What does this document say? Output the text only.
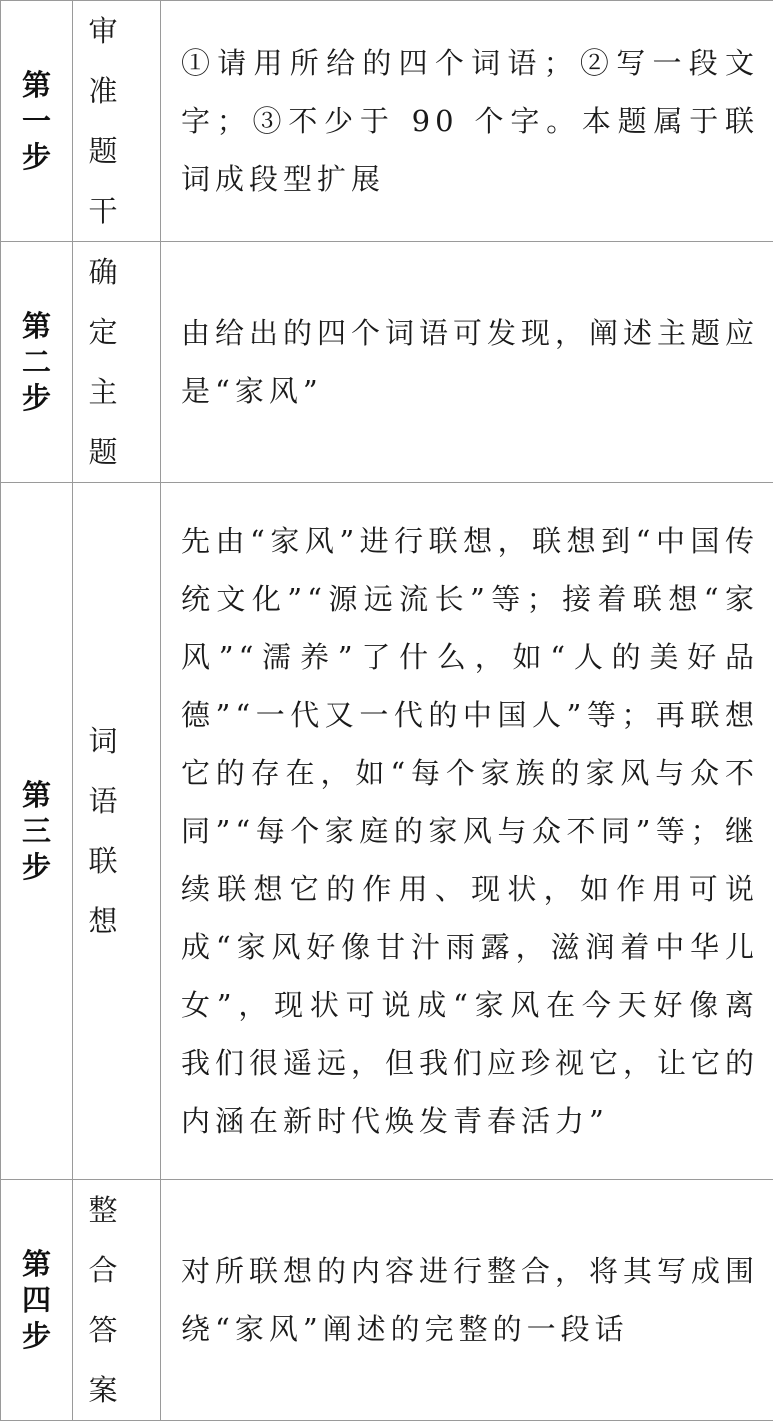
第一步	审准题干	①请用所给的四个词语；②写一段文字；③不少于 90 个字。本题属于联词成段型扩展

第二步	确定主题	由给出的四个词语可发现，阐述主题应是“家风”

第三步	词语联想	先由“家风”进行联想，联想到“中国传统文化”“源远流长”等；接着联想“家风”“濡养”了什么，如“人的美好品德”“一代又一代的中国人”等；再联想它的存在，如“每个家族的家风与众不同”“每个家庭的家风与众不同”等；继续联想它的作用、现状，如作用可说成“家风好像甘汁雨露，滋润着中华儿女”，现状可说成“家风在今天好像离我们很遥远，但我们应珍视它，让它的内涵在新时代焕发青春活力”

第四步	整合答案	对所联想的内容进行整合，将其写成围绕“家风”阐述的完整的一段话
